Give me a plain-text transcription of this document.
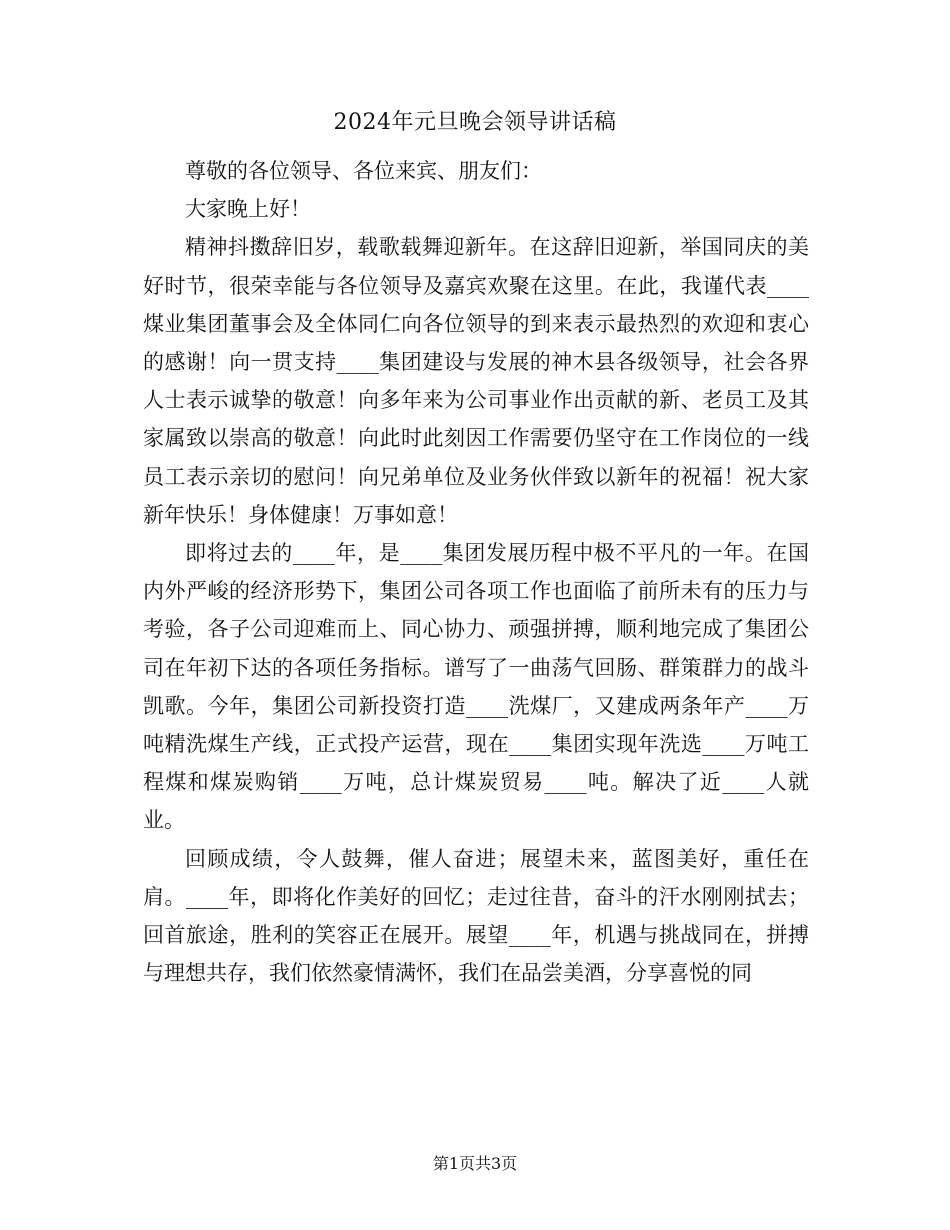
2024年元旦晚会领导讲话稿

尊敬的各位领导、各位来宾、朋友们：

大家晚上好！

精神抖擞辞旧岁，载歌载舞迎新年。在这辞旧迎新，举国同庆的美好时节，很荣幸能与各位领导及嘉宾欢聚在这里。在此，我谨代表____煤业集团董事会及全体同仁向各位领导的到来表示最热烈的欢迎和衷心的感谢！向一贯支持____集团建设与发展的神木县各级领导，社会各界人士表示诚挚的敬意！向多年来为公司事业作出贡献的新、老员工及其家属致以崇高的敬意！向此时此刻因工作需要仍坚守在工作岗位的一线员工表示亲切的慰问！向兄弟单位及业务伙伴致以新年的祝福！祝大家新年快乐！身体健康！万事如意！

即将过去的____年，是____集团发展历程中极不平凡的一年。在国内外严峻的经济形势下，集团公司各项工作也面临了前所未有的压力与考验，各子公司迎难而上、同心协力、顽强拼搏，顺利地完成了集团公司在年初下达的各项任务指标。谱写了一曲荡气回肠、群策群力的战斗凯歌。今年，集团公司新投资打造____洗煤厂，又建成两条年产____万吨精洗煤生产线，正式投产运营，现在____集团实现年洗选____万吨工程煤和煤炭购销____万吨，总计煤炭贸易____吨。解决了近____人就业。

回顾成绩，令人鼓舞，催人奋进；展望未来，蓝图美好，重任在肩。____年，即将化作美好的回忆；走过往昔，奋斗的汗水刚刚拭去；回首旅途，胜利的笑容正在展开。展望____年，机遇与挑战同在，拼搏与理想共存，我们依然豪情满怀，我们在品尝美酒，分享喜悦的同

第1页共3页
